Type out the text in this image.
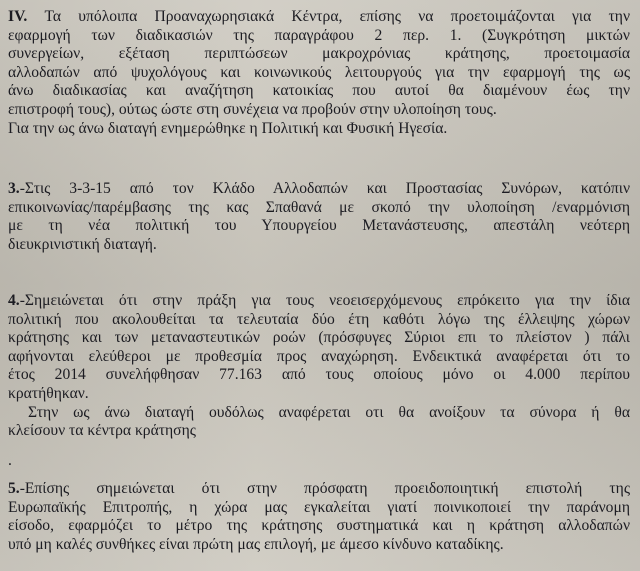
IV. Τα υπόλοιπα Προαναχωρησιακά Κέντρα, επίσης να προετοιμάζονται για την
εφαρμογή των διαδικασιών της παραγράφου 2 περ. 1. (Συγκρότηση μικτών
συνεργείων, εξέταση περιπτώσεων μακροχρόνιας κράτησης, προετοιμασία
αλλοδαπών από ψυχολόγους και κοινωνικούς λειτουργούς για την εφαρμογή της ως
άνω διαδικασίας και αναζήτηση κατοικίας που αυτοί θα διαμένουν έως την
επιστροφή τους), ούτως ώστε στη συνέχεια να προβούν στην υλοποίηση τους.
Για την ως άνω διαταγή ενημερώθηκε η Πολιτική και Φυσική Ηγεσία.
3.-Στις 3-3-15 από τον Κλάδο Αλλοδαπών και Προστασίας Συνόρων, κατόπιν
επικοινωνίας/παρέμβασης της κας Σπαθανά με σκοπό την υλοποίηση /εναρμόνιση
με τη νέα πολιτική του Υπουργείου Μετανάστευσης, απεστάλη νεότερη
διευκρινιστική διαταγή.
4.-Σημειώνεται ότι στην πράξη για τους νεοεισερχόμενους επρόκειτο για την ίδια
πολιτική που ακολουθείται τα τελευταία δύο έτη καθότι λόγω της έλλειψης χώρων
κράτησης και των μεταναστευτικών ροών (πρόσφυγες Σύριοι επι το πλείστον ) πάλι
αφήνονται ελεύθεροι με προθεσμία προς αναχώρηση. Ενδεικτικά αναφέρεται ότι το
έτος 2014 συνελήφθησαν 77.163 από τους οποίους μόνο οι 4.000 περίπου
κρατήθηκαν.
Στην ως άνω διαταγή ουδόλως αναφέρεται οτι θα ανοίξουν τα σύνορα ή θα
κλείσουν τα κέντρα κράτησης
.
5.-Επίσης σημειώνεται ότι στην πρόσφατη προειδοποιητική επιστολή της
Ευρωπαϊκής Επιτροπής, η χώρα μας εγκαλείται γιατί ποινικοποιεί την παράνομη
είσοδο, εφαρμόζει το μέτρο της κράτησης συστηματικά και η κράτηση αλλοδαπών
υπό μη καλές συνθήκες είναι πρώτη μας επιλογή, με άμεσο κίνδυνο καταδίκης.
